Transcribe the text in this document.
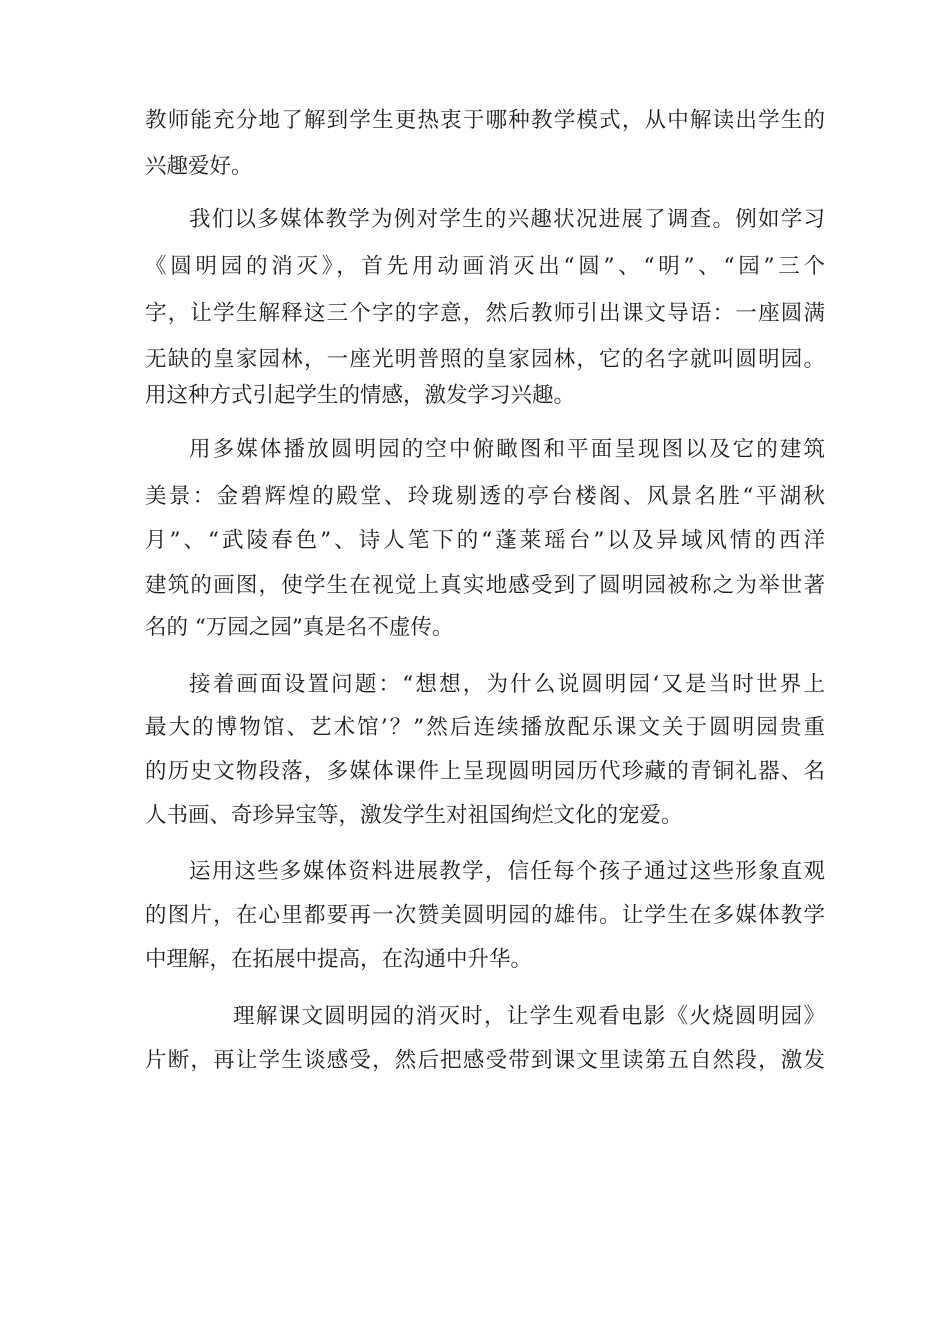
教师能充分地了解到学生更热衷于哪种教学模式，从中解读出学生的
兴趣爱好。
我们以多媒体教学为例对学生的兴趣状况进展了调查。例如学习
《圆明园的消灭》，首先用动画消灭出“圆”、“明”、“园”三个
字，让学生解释这三个字的字意，然后教师引出课文导语：一座圆满
无缺的皇家园林，一座光明普照的皇家园林，它的名字就叫圆明园。
用这种方式引起学生的情感，激发学习兴趣。
用多媒体播放圆明园的空中俯瞰图和平面呈现图以及它的建筑
美景：金碧辉煌的殿堂、玲珑剔透的亭台楼阁、风景名胜“平湖秋
月”、“武陵春色”、诗人笔下的“蓬莱瑶台”以及异域风情的西洋
建筑的画图，使学生在视觉上真实地感受到了圆明园被称之为举世著
名的 “万园之园”真是名不虚传。
接着画面设置问题：“想想，为什么说圆明园‘又是当时世界上
最大的博物馆、艺术馆’？”然后连续播放配乐课文关于圆明园贵重
的历史文物段落，多媒体课件上呈现圆明园历代珍藏的青铜礼器、名
人书画、奇珍异宝等，激发学生对祖国绚烂文化的宠爱。
运用这些多媒体资料进展教学，信任每个孩子通过这些形象直观
的图片，在心里都要再一次赞美圆明园的雄伟。让学生在多媒体教学
中理解，在拓展中提高，在沟通中升华。
理解课文圆明园的消灭时，让学生观看电影《火烧圆明园》
片断，再让学生谈感受，然后把感受带到课文里读第五自然段，激发
